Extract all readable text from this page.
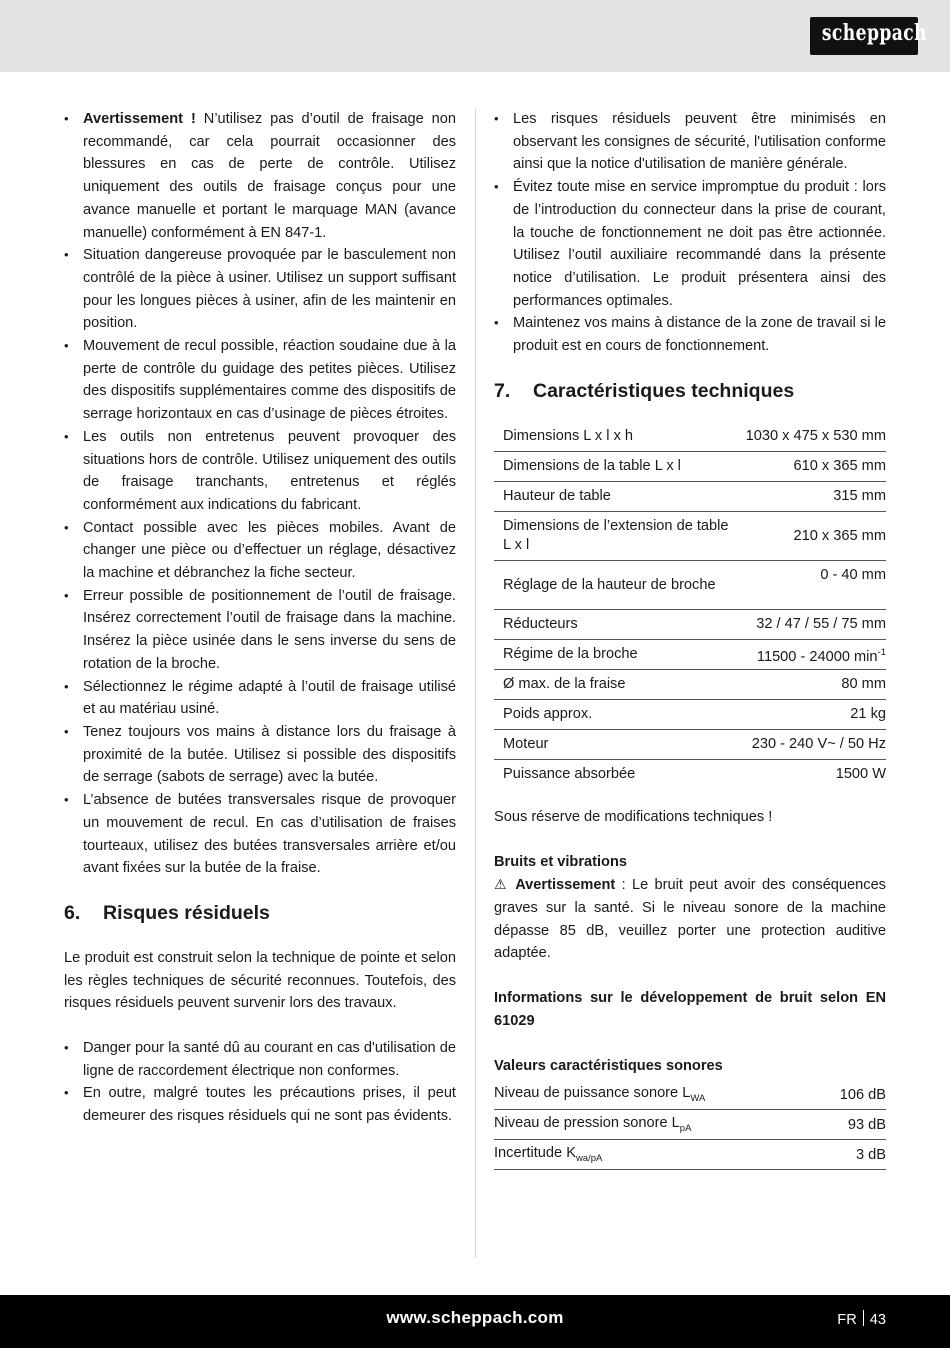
scheppach
• Avertissement ! N’utilisez pas d’outil de fraisage non recommandé, car cela pourrait occasionner des blessures en cas de perte de contrôle. Utilisez uniquement des outils de fraisage conçus pour une avance manuelle et portant le marquage MAN (avance manuelle) conformément à EN 847-1.
• Situation dangereuse provoquée par le basculement non contrôlé de la pièce à usiner. Utilisez un support suffisant pour les longues pièces à usiner, afin de les maintenir en position.
• Mouvement de recul possible, réaction soudaine due à la perte de contrôle du guidage des petites pièces. Utilisez des dispositifs supplémentaires comme des dispositifs de serrage horizontaux en cas d’usinage de pièces étroites.
• Les outils non entretenus peuvent provoquer des situations hors de contrôle. Utilisez uniquement des outils de fraisage tranchants, entretenus et réglés conformément aux indications du fabricant.
• Contact possible avec les pièces mobiles. Avant de changer une pièce ou d’effectuer un réglage, désactivez la machine et débranchez la fiche secteur.
• Erreur possible de positionnement de l’outil de fraisage. Insérez correctement l’outil de fraisage dans la machine. Insérez la pièce usinée dans le sens inverse du sens de rotation de la broche.
• Sélectionnez le régime adapté à l’outil de fraisage utilisé et au matériau usiné.
• Tenez toujours vos mains à distance lors du fraisage à proximité de la butée. Utilisez si possible des dispositifs de serrage (sabots de serrage) avec la butée.
• L’absence de butées transversales risque de provoquer un mouvement de recul. En cas d’utilisation de fraises tourteaux, utilisez des butées transversales arrière et/ou avant fixées sur la butée de la fraise.
6. Risques résiduels

Le produit est construit selon la technique de pointe et selon les règles techniques de sécurité reconnues. Toutefois, des risques résiduels peuvent survenir lors des travaux.

• Danger pour la santé dû au courant en cas d'utilisation de ligne de raccordement électrique non conformes.
• En outre, malgré toutes les précautions prises, il peut demeurer des risques résiduels qui ne sont pas évidents.
• Les risques résiduels peuvent être minimisés en observant les consignes de sécurité, l'utilisation conforme ainsi que la notice d'utilisation de manière générale.
• Évitez toute mise en service impromptue du produit : lors de l’introduction du connecteur dans la prise de courant, la touche de fonctionnement ne doit pas être actionnée. Utilisez l’outil auxiliaire recommandé dans la présente notice d’utilisation. Le produit présentera ainsi des performances optimales.
• Maintenez vos mains à distance de la zone de travail si le produit est en cours de fonctionnement.
7. Caractéristiques techniques
Dimensions L x l x h	1030 x 475 x 530 mm
Dimensions de la table L x l	610 x 365 mm
Hauteur de table	315 mm
Dimensions de l’extension de table L x l	210 x 365 mm
Réglage de la hauteur de broche	0 - 40 mm
Réducteurs	32 / 47 / 55 / 75 mm
Régime de la broche	11500 - 24000 $\min^{-1}$
Ø max. de la fraise	80 mm
Poids approx.	21 kg
Moteur	230 - 240 V~ / 50 Hz
Puissance absorbée	1500 W

Sous réserve de modifications techniques !

Bruits et vibrations

⚠ Avertissement : Le bruit peut avoir des conséquences graves sur la santé. Si le niveau sonore de la machine dépasse 85 dB, veuillez porter une protection auditive adaptée.

Informations sur le développement de bruit selon EN 61029

Valeurs caractéristiques sonores

Niveau de puissance sonore $L_{WA}$	106 dB
Niveau de pression sonore $L_{pA}$	93 dB
Incertitude $K_{wa/pA}$	3 dB
www.scheppach.com	FR 43
